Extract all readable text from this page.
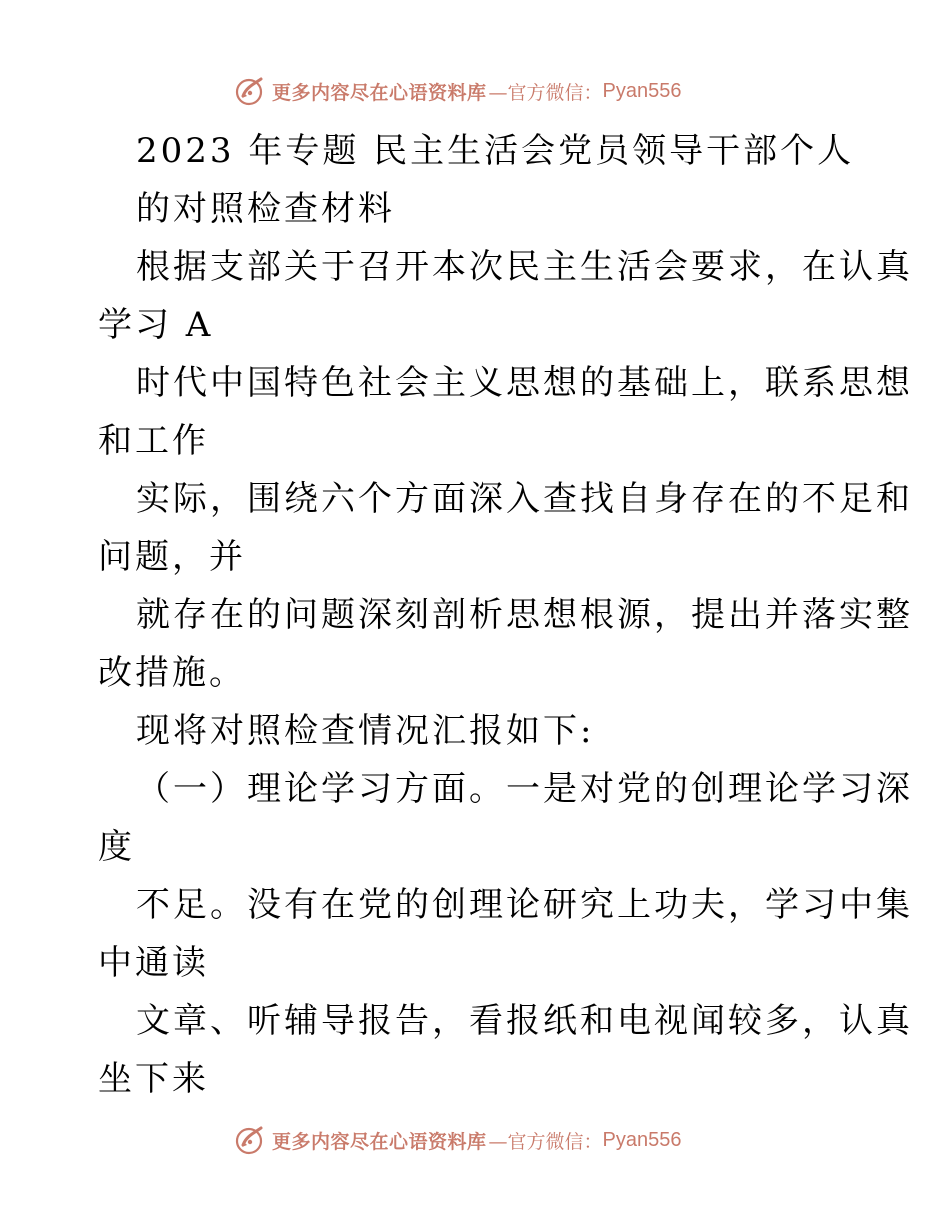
更多内容尽在心语资料库 —官方微信： Pyan556
2023 年专题 民主生活会党员领导干部个人
的对照检查材料
根据支部关于召开本次民主生活会要求，在认真
学习 A
时代中国特色社会主义思想的基础上，联系思想
和工作
实际，围绕六个方面深入查找自身存在的不足和
问题，并
就存在的问题深刻剖析思想根源，提出并落实整
改措施。
现将对照检查情况汇报如下:
（一）理论学习方面。一是对党的创理论学习深
度
不足。没有在党的创理论研究上功夫，学习中集
中通读
文章、听辅导报告，看报纸和电视闻较多，认真
坐下来
更多内容尽在心语资料库 —官方微信： Pyan556
